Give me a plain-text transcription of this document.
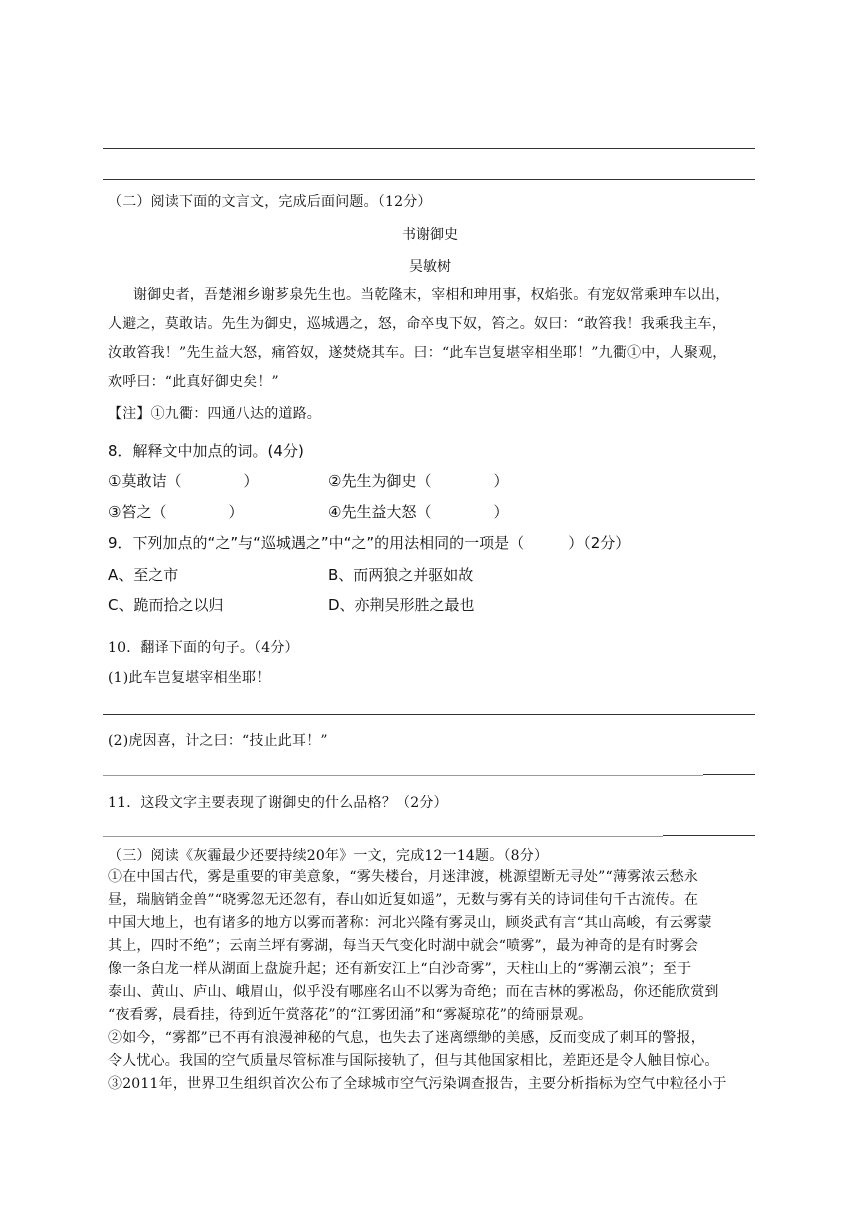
（二）阅读下面的文言文，完成后面问题。（12分）
书谢御史
吴敏树
谢御史者，吾楚湘乡谢芗泉先生也。当乾隆末，宰相和珅用事，权焰张。有宠奴常乘珅车以出，
人避之，莫敢诘。先生为御史，巡城遇之，怒，命卒曳下奴，笞之。奴曰：“敢笞我！我乘我主车，
汝敢笞我！”先生益大怒，痛笞奴，遂焚烧其车。曰：“此车岂复堪宰相坐耶！”九衢①中，人聚观，
欢呼曰：“此真好御史矣！”
【注】①九衢：四通八达的道路。
8．解释文中加点的词。(4分)
①莫敢诘（	）	②先生为御史（	）
③笞之（	）	④先生益大怒（	）
9．下列加点的“之”与“巡城遇之”中“之”的用法相同的一项是（	）（2分）
A、至之市	B、而两狼之并驱如故
C、跪而拾之以归	D、亦荆吴形胜之最也
10．翻译下面的句子。（4分）
(1)此车岂复堪宰相坐耶！
(2)虎因喜，计之曰：“技止此耳！”
11．这段文字主要表现了谢御史的什么品格？（2分）
（三）阅读《灰霾最少还要持续20年》一文，完成12一14题。（8分）
①在中国古代，雾是重要的审美意象，“雾失楼台，月迷津渡，桃源望断无寻处”“薄雾浓云愁永
昼，瑞脑销金兽”“晓雾忽无还忽有，春山如近复如遥”，无数与雾有关的诗词佳句千古流传。在
中国大地上，也有诸多的地方以雾而著称：河北兴隆有雾灵山，顾炎武有言“其山高峻，有云雾蒙
其上，四时不绝”；云南兰坪有雾湖，每当天气变化时湖中就会“喷雾”，最为神奇的是有时雾会
像一条白龙一样从湖面上盘旋升起；还有新安江上“白沙奇雾”，天柱山上的“雾潮云浪”；至于
泰山、黄山、庐山、峨眉山，似乎没有哪座名山不以雾为奇绝；而在吉林的雾凇岛，你还能欣赏到
“夜看雾，晨看挂，待到近午赏落花”的“江雾团涌”和“雾凝琼花”的绮丽景观。
②如今，“雾都”已不再有浪漫神秘的气息，也失去了迷离缥缈的美感，反而变成了刺耳的警报，
令人忧心。我国的空气质量尽管标准与国际接轨了，但与其他国家相比，差距还是令人触目惊心。
③2011年，世界卫生组织首次公布了全球城市空气污染调查报告，主要分析指标为空气中粒径小于
